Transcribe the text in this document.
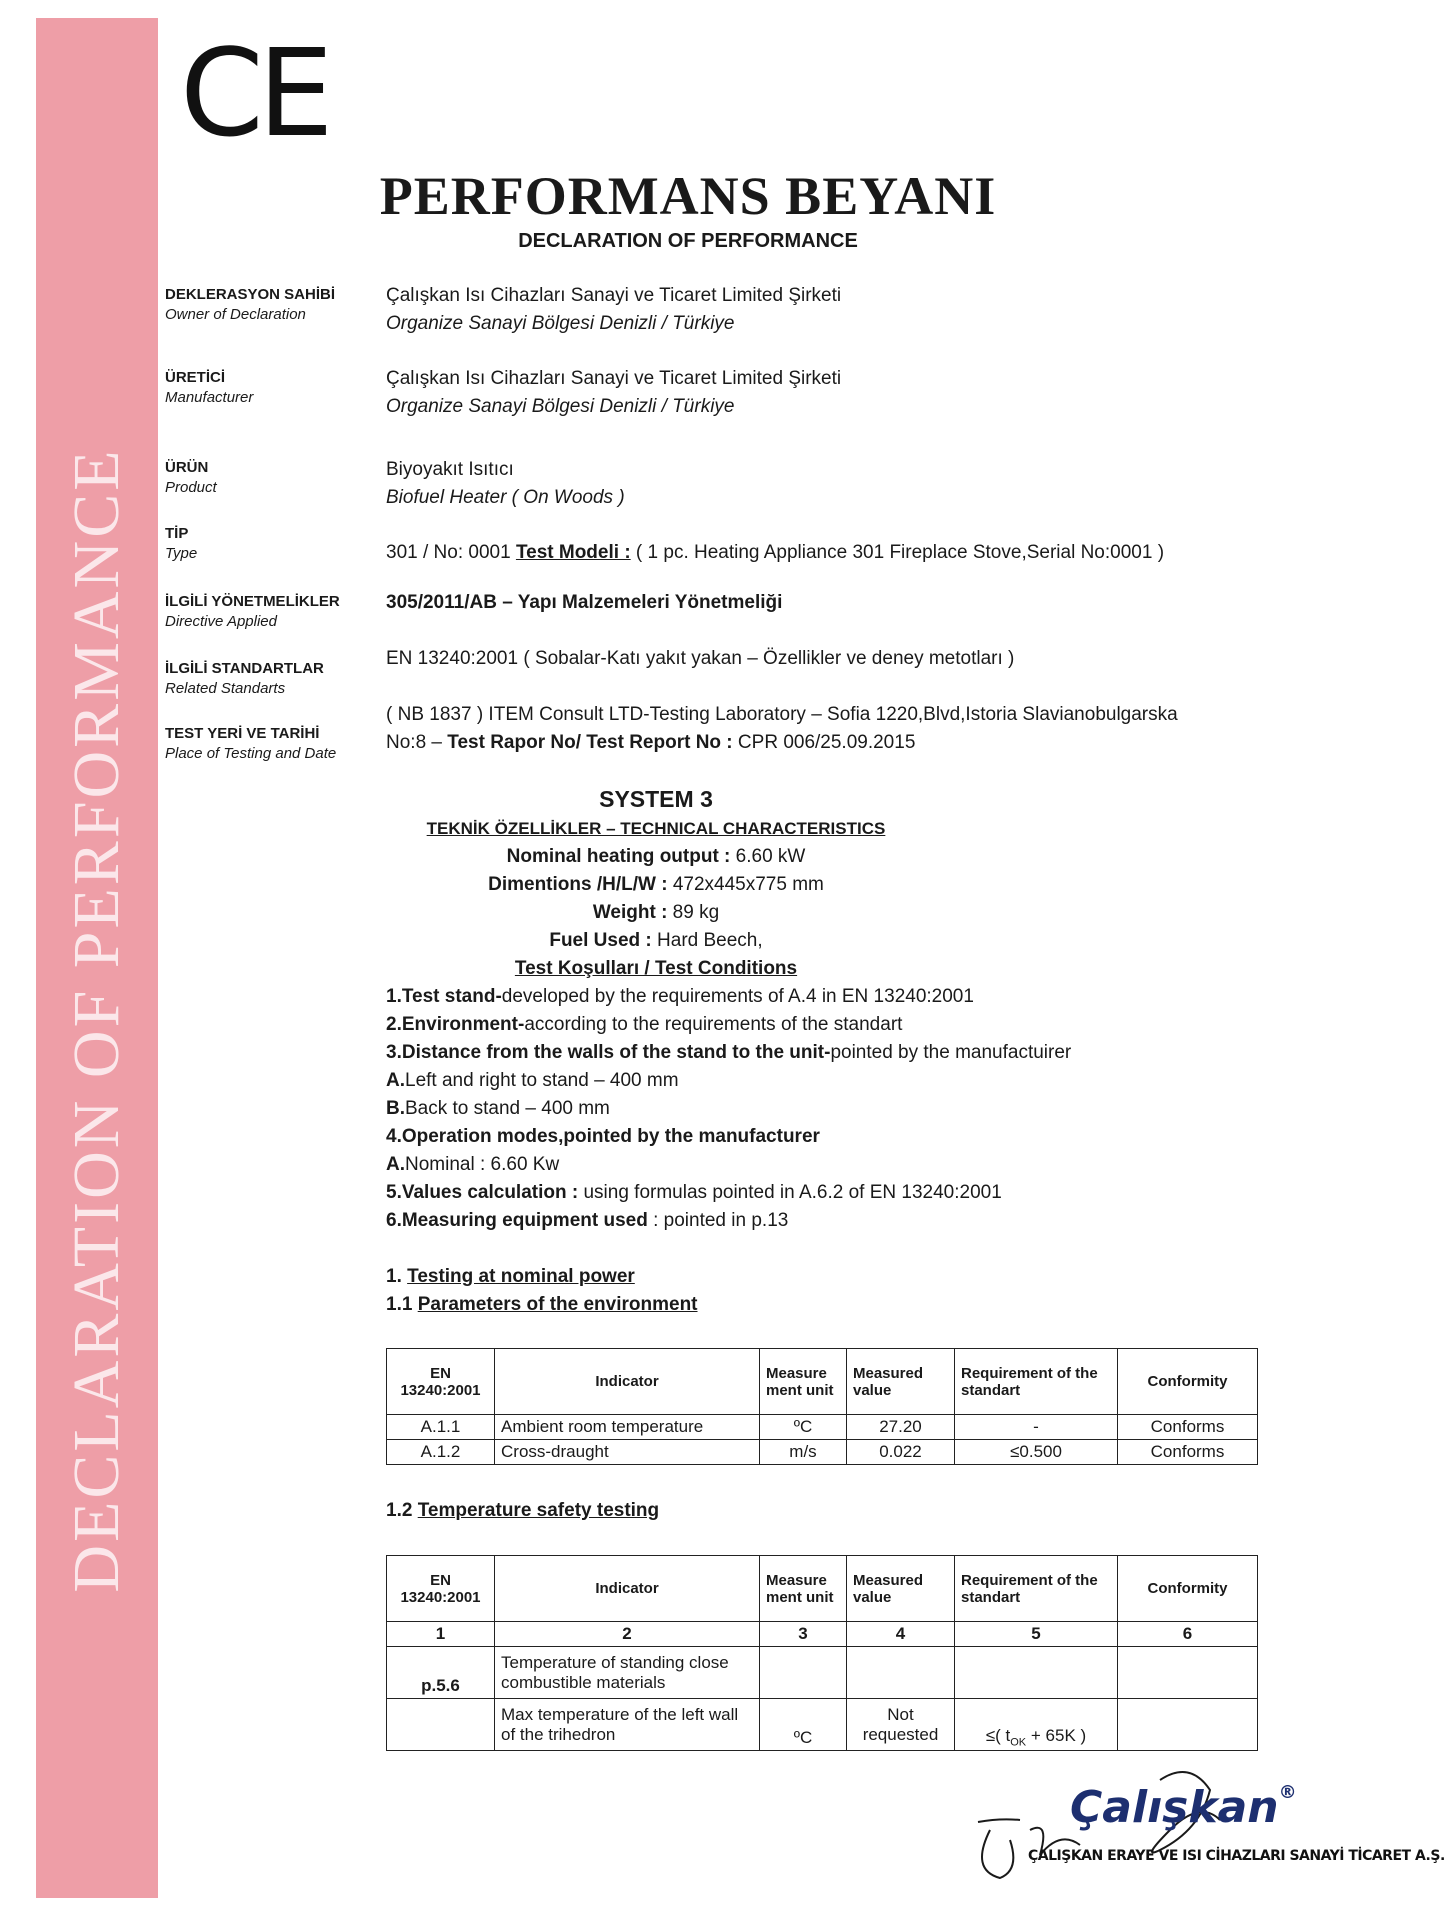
DECLARATION OF PERFORMANCE
CE
PERFORMANS BEYANI
DECLARATION OF PERFORMANCE
DEKLERASYON SAHİBİ
Owner of Declaration
Çalışkan Isı Cihazları Sanayi ve Ticaret Limited Şirketi
Organize Sanayi Bölgesi Denizli / Türkiye
ÜRETİCİ
Manufacturer
Çalışkan Isı Cihazları Sanayi ve Ticaret Limited Şirketi
Organize Sanayi Bölgesi Denizli / Türkiye
ÜRÜN
Product
Biyoyakıt Isıtıcı
Biofuel Heater ( On Woods )
TİP
Type	301 / No: 0001 Test Modeli : ( 1 pc. Heating Appliance 301 Fireplace Stove,Serial No:0001 )
İLGİLİ YÖNETMELİKLER
Directive Applied
305/2011/AB – Yapı Malzemeleri Yönetmeliği
İLGİLİ STANDARTLAR
Related Standarts
EN 13240:2001 ( Sobalar-Katı yakıt yakan – Özellikler ve deney metotları )
TEST YERİ VE TARİHİ
Place of Testing and Date
( NB 1837 ) ITEM Consult LTD-Testing Laboratory – Sofia 1220,Blvd,Istoria Slavianobulgarska
No:8 – Test Rapor No/ Test Report No : CPR 006/25.09.2015
SYSTEM 3
TEKNİK ÖZELLİKLER – TECHNICAL CHARACTERISTICS
Nominal heating output : 6.60 kW
Dimentions /H/L/W : 472x445x775 mm
Weight : 89 kg
Fuel Used : Hard Beech,
Test Koşulları / Test Conditions
1.Test stand-developed by the requirements of A.4 in EN 13240:2001
2.Environment-according to the requirements of the standart
3.Distance from the walls of the stand to the unit-pointed by the manufactuirer
A.Left and right to stand – 400 mm
B.Back to stand – 400 mm
4.Operation modes,pointed by the manufacturer
A.Nominal : 6.60 Kw
5.Values calculation : using formulas pointed in A.6.2 of EN 13240:2001
6.Measuring equipment used : pointed in p.13
1. Testing at nominal power
1.1 Parameters of the environment
EN 13240:2001	Indicator	Measure ment unit	Measured value	Requirement of the standart	Conformity
A.1.1	Ambient room temperature	ºC	27.20	-	Conforms
A.1.2	Cross-draught	m/s	0.022	≤0.500	Conforms
1.2 Temperature safety testing
EN 13240:2001	Indicator	Measure ment unit	Measured value	Requirement of the standart	Conformity
1	2	3	4	5	6
p.5.6	Temperature of standing close combustible materials				
	Max temperature of the left wall of the trihedron	ºC	Not requested	≤( $t_{OK} + 65K$ )	
Çalışkan®
ÇALIŞKAN ERAYE VE ISI CİHAZLARI SANAYİ TİCARET A.Ş.
